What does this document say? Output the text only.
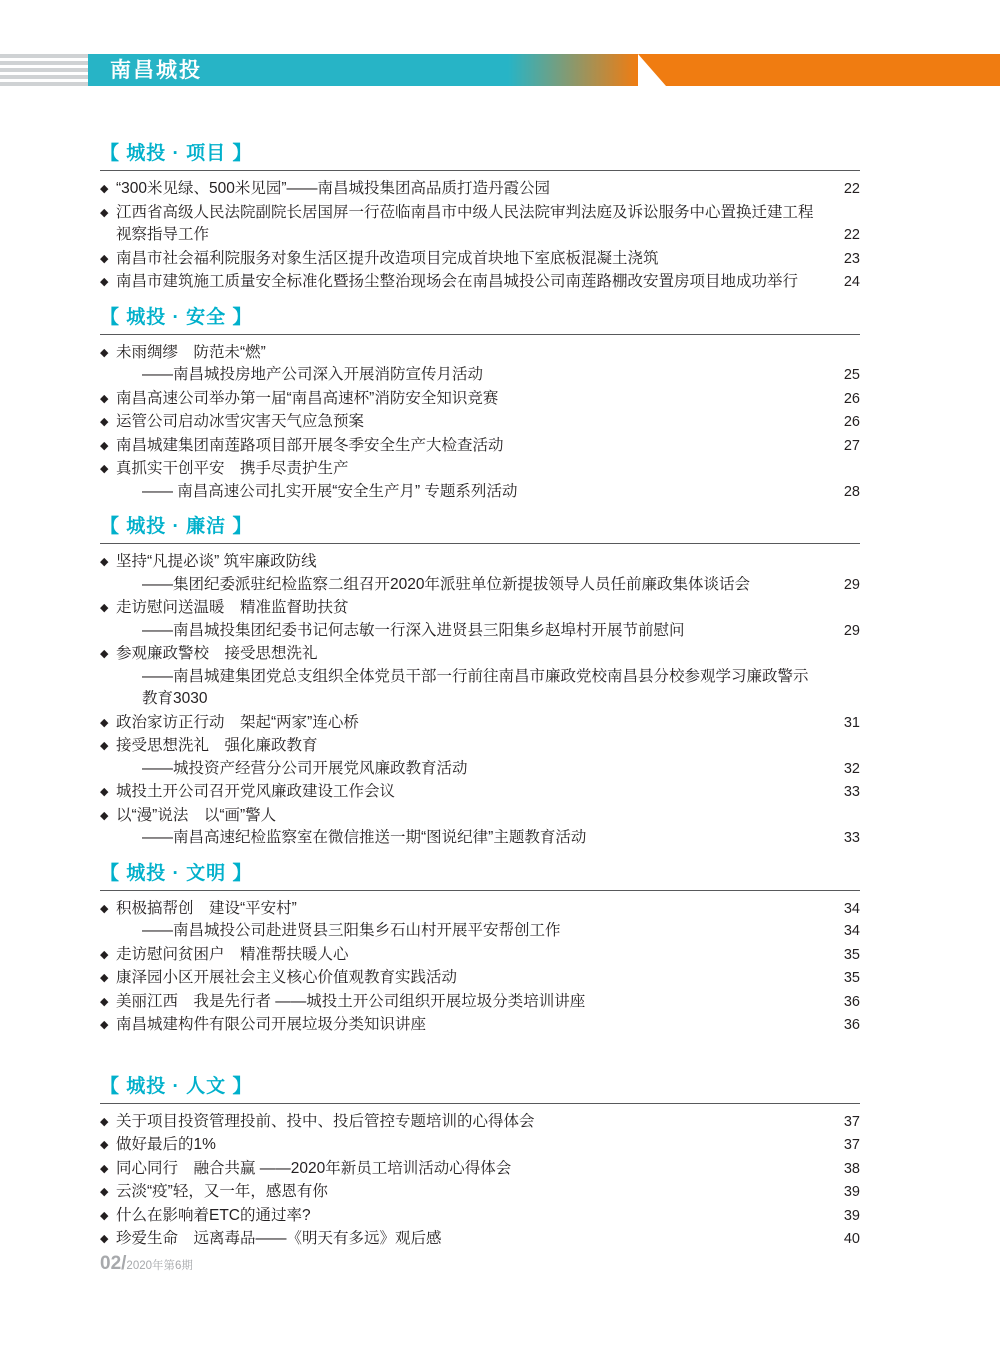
南昌城投
【 城投 · 项目 】
◆ “300米见绿、500米见园”——南昌城投集团高品质打造丹霞公园	22
◆ 江西省高级人民法院副院长居国屏一行莅临南昌市中级人民法院审判法庭及诉讼服务中心置换迁建工程
视察指导工作	22
◆ 南昌市社会福利院服务对象生活区提升改造项目完成首块地下室底板混凝土浇筑	23
◆ 南昌市建筑施工质量安全标准化暨扬尘整治现场会在南昌城投公司南莲路棚改安置房项目地成功举行	24
【 城投 · 安全 】
◆ 未雨绸缪　防范未“燃”
——南昌城投房地产公司深入开展消防宣传月活动	25
◆ 南昌高速公司举办第一届“南昌高速杯”消防安全知识竞赛	26
◆ 运管公司启动冰雪灾害天气应急预案	26
◆ 南昌城建集团南莲路项目部开展冬季安全生产大检查活动	27
◆ 真抓实干创平安　携手尽责护生产
—— 南昌高速公司扎实开展“安全生产月” 专题系列活动	28
【 城投 · 廉洁 】
◆ 坚持“凡提必谈” 筑牢廉政防线
——集团纪委派驻纪检监察二组召开2020年派驻单位新提拔领导人员任前廉政集体谈话会	29
◆ 走访慰问送温暖　精准监督助扶贫
——南昌城投集团纪委书记何志敏一行深入进贤县三阳集乡赵埠村开展节前慰问	29
◆ 参观廉政警校　接受思想洗礼
——南昌城建集团党总支组织全体党员干部一行前往南昌市廉政党校南昌县分校参观学习廉政警示教育3030
◆ 政治家访正行动　架起“两家”连心桥	31
◆ 接受思想洗礼　强化廉政教育
——城投资产经营分公司开展党风廉政教育活动	32
◆ 城投土开公司召开党风廉政建设工作会议	33
◆ 以“漫”说法　以“画”警人
——南昌高速纪检监察室在微信推送一期“图说纪律”主题教育活动	33
【 城投 · 文明 】
◆ 积极搞帮创　建设“平安村”	34
——南昌城投公司赴进贤县三阳集乡石山村开展平安帮创工作	34
◆ 走访慰问贫困户　精准帮扶暖人心	35
◆ 康泽园小区开展社会主义核心价值观教育实践活动	35
◆ 美丽江西　我是先行者 ——城投土开公司组织开展垃圾分类培训讲座	36
◆ 南昌城建构件有限公司开展垃圾分类知识讲座	36
【 城投 · 人文 】
◆ 关于项目投资管理投前、投中、投后管控专题培训的心得体会	37
◆ 做好最后的1%	37
◆ 同心同行　融合共赢 ——2020年新员工培训活动心得体会	38
◆ 云淡“疫”轻，又一年，感恩有你	39
◆ 什么在影响着ETC的通过率?	39
◆ 珍爱生命　远离毒品——《明天有多远》观后感	40
02/2020年第6期
